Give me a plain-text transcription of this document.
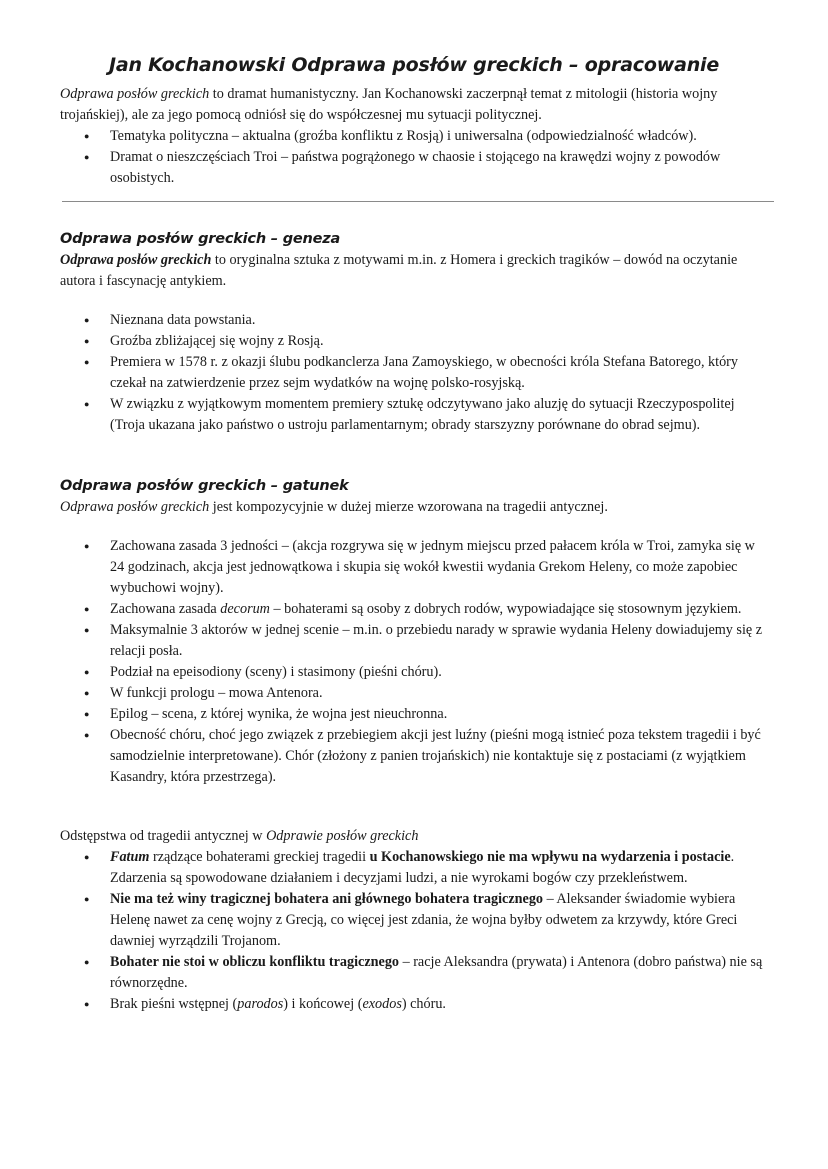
Jan Kochanowski Odprawa posłów greckich – opracowanie

Odprawa posłów greckich to dramat humanistyczny. Jan Kochanowski zaczerpnął temat z mitologii (historia wojny trojańskiej), ale za jego pomocą odniósł się do współczesnej mu sytuacji politycznej.

● Tematyka polityczna – aktualna (groźba konfliktu z Rosją) i uniwersalna (odpowiedzialność władców).
● Dramat o nieszczęściach Troi – państwa pogrążonego w chaosie i stojącego na krawędzi wojny z powodów osobistych.
Odprawa posłów greckich – geneza

Odprawa posłów greckich to oryginalna sztuka z motywami m.in. z Homera i greckich tragików – dowód na oczytanie autora i fascynację antykiem.

● Nieznana data powstania.
● Groźba zbliżającej się wojny z Rosją.
● Premiera w 1578 r. z okazji ślubu podkanclerza Jana Zamoyskiego, w obecności króla Stefana Batorego, który czekał na zatwierdzenie przez sejm wydatków na wojnę polsko-rosyjską.
● W związku z wyjątkowym momentem premiery sztukę odczytywano jako aluzję do sytuacji Rzeczypospolitej (Troja ukazana jako państwo o ustroju parlamentarnym; obrady starszyzny porównane do obrad sejmu).
Odprawa posłów greckich – gatunek

Odprawa posłów greckich jest kompozycyjnie w dużej mierze wzorowana na tragedii antycznej.

● Zachowana zasada 3 jedności – (akcja rozgrywa się w jednym miejscu przed pałacem króla w Troi, zamyka się w 24 godzinach, akcja jest jednowątkowa i skupia się wokół kwestii wydania Grekom Heleny, co może zapobiec wybuchowi wojny).
● Zachowana zasada decorum – bohaterami są osoby z dobrych rodów, wypowiadające się stosownym językiem.
● Maksymalnie 3 aktorów w jednej scenie – m.in. o przebiedu narady w sprawie wydania Heleny dowiadujemy się z relacji posła.
● Podział na epeisodiony (sceny) i stasimony (pieśni chóru).
● W funkcji prologu – mowa Antenora.
● Epilog – scena, z której wynika, że wojna jest nieuchronna.
● Obecność chóru, choć jego związek z przebiegiem akcji jest luźny (pieśni mogą istnieć poza tekstem tragedii i być samodzielnie interpretowane). Chór (złożony z panien trojańskich) nie kontaktuje się z postaciami (z wyjątkiem Kasandry, która przestrzega).

Odstępstwa od tragedii antycznej w Odprawie posłów greckich

● Fatum rządzące bohaterami greckiej tragedii u Kochanowskiego nie ma wpływu na wydarzenia i postacie. Zdarzenia są spowodowane działaniem i decyzjami ludzi, a nie wyrokami bogów czy przekleństwem.
● Nie ma też winy tragicznej bohatera ani głównego bohatera tragicznego – Aleksander świadomie wybiera Helenę nawet za cenę wojny z Grecją, co więcej jest zdania, że wojna byłby odwetem za krzywdy, które Greci dawniej wyrządzili Trojanom.
● Bohater nie stoi w obliczu konfliktu tragicznego – racje Aleksandra (prywata) i Antenora (dobro państwa) nie są równorzędne.
● Brak pieśni wstępnej (parodos) i końcowej (exodos) chóru.
